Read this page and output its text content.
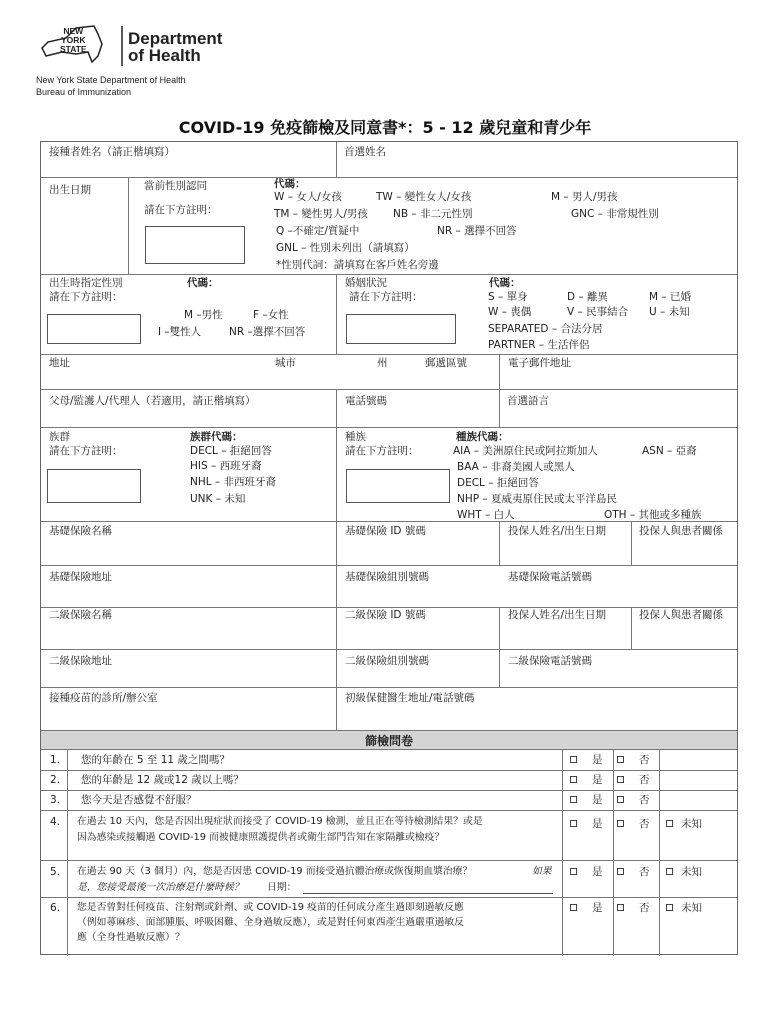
NEW
YORK
STATE
Department
of Health
New York State Department of Health
Bureau of Immunization
COVID-19 免疫篩檢及同意書*：5 - 12 歲兒童和青少年
接種者姓名（請正楷填寫）	首選姓名
出生日期	當前性別認同
請在下方註明：
代碼：
W – 女人/女孩	TW – 變性女人/女孩	M – 男人/男孩
TM – 變性男人/男孩 NB – 非二元性別	GNC – 非常規性別
Q –不確定/質疑中	NR – 選擇不回答
GNL – 性別未列出（請填寫）
*性別代詞：請填寫在客戶姓名旁邊
出生時指定性別
請在下方註明：
代碼：
M –男性	F –女性
I –雙性人	NR –選擇不回答
婚姻狀況
請在下方註明：
代碼：
S – 單身	D – 離異	M – 已婚
W – 喪偶	V – 民事結合 U – 未知
SEPARATED – 合法分居
PARTNER – 生活伴侶
地址	城市	州	郵遞區號	電子郵件地址
父母/監護人/代理人（若適用，請正楷填寫）	電話號碼	首選語言
族群
請在下方註明：
族群代碼：
DECL – 拒絕回答
HIS – 西班牙裔
NHL – 非西班牙裔
UNK – 未知
種族
請在下方註明：
種族代碼：
AIA – 美洲原住民或阿拉斯加人	ASN – 亞裔
BAA – 非裔美國人或黑人
DECL – 拒絕回答
NHP – 夏威夷原住民或太平洋島民
WHT – 白人	OTH – 其他或多種族
基礎保險名稱	基礎保險 ID 號碼	投保人姓名/出生日期	投保人與患者關係
基礎保險地址	基礎保險組別號碼	基礎保險電話號碼
二級保險名稱	二級保險 ID 號碼	投保人姓名/出生日期	投保人與患者關係
二級保險地址	二級保險組別號碼	二級保險電話號碼
接種疫苗的診所/辦公室	初級保健醫生地址/電話號碼
篩檢問卷
1. 您的年齡在 5 至 11 歲之間嗎？	是	否
2. 您的年齡是 12 歲或12 歲以上嗎？	是	否
3. 您今天是否感覺不舒服？	是	否
4. 在過去 10 天內，您是否因出現症狀而接受了 COVID-19 檢測，並且正在等待檢測結果？或是
因為感染或接觸過 COVID-19 而被健康照護提供者或衛生部門告知在家隔離或檢疫？
是	否	未知
5. 在過去 90 天（3 個月）內，您是否因患 COVID-19 而接受過抗體治療或恢復期血漿治療？	如果
是，您接受最後一次治療是什麼時候？ 日期：
是	否	未知
6. 您是否曾對任何疫苗、注射劑或針劑、或 COVID-19 疫苗的任何成分產生過即刻過敏反應
（例如蕁麻疹、面部腫脹、呼吸困難、全身過敏反應），或是對任何東西產生過嚴重過敏反
應（全身性過敏反應）？
是	否	未知
